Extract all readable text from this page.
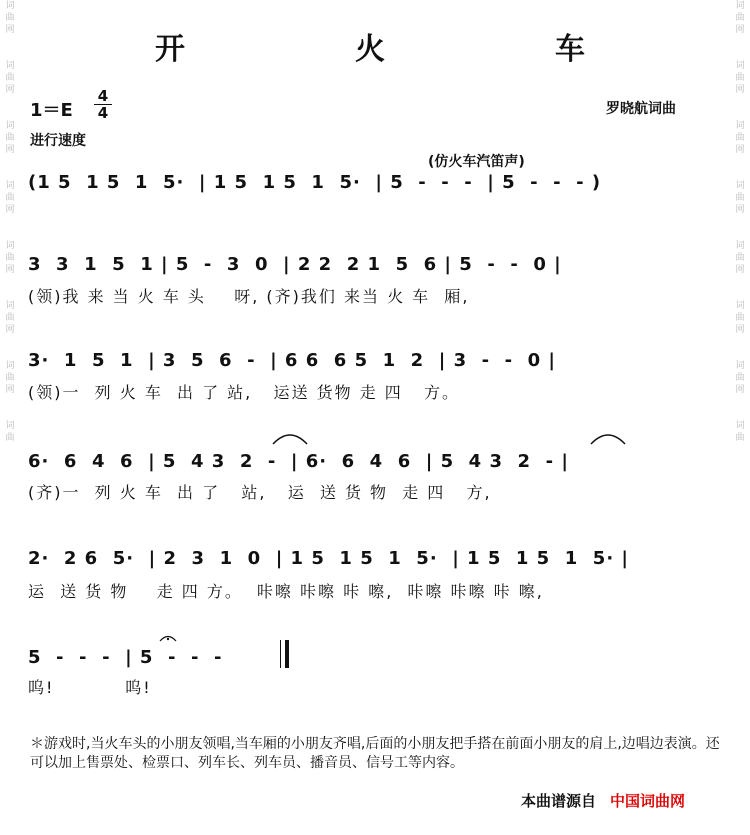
词
曲
网
词
曲
网
词
曲
网
词
曲
网
词
曲
网
词
曲
网
词
曲
网
词
曲
词
曲
网
词
曲
网
词
曲
网
词
曲
网
词
曲
网
词
曲
网
词
曲
网
词
曲
开　火　车
1＝E
4
4
进行速度
罗晓航词曲
(仿火车汽笛声)
(1 5  1 5  1  5·  | 1 5  1 5  1  5·  | 5  -  -  -  | 5  -  -  - )
3  3  1  5  1 | 5  -  3  0  | 2 2  2 1  5  6 | 5  -  -  0 |
(领)我 来 当 火 车 头    呀, (齐)我们 来当 火 车  厢,
3·  1  5  1  | 3  5  6  -  | 6 6  6 5  1  2  | 3  -  -  0 |
(领)一  列 火 车  出 了 站,   运送 货物 走 四   方。
6·  6  4  6  | 5  4 3  2  -  | 6·  6  4  6  | 5  4 3  2  - |
(齐)一  列 火 车  出 了   站,   运  送 货 物  走 四   方,
2·  2 6  5·  | 2  3  1  0  | 1 5  1 5  1  5·  | 1 5  1 5  1  5· |
运  送 货 物    走 四 方。  咔嚓 咔嚓 咔 嚓,  咔嚓 咔嚓 咔 嚓,
5  -  -  -  | 5  -  -  -
呜!          呜!
＊游戏时,当火车头的小朋友领唱,当车厢的小朋友齐唱,后面的小朋友把手搭在前面小朋友的肩上,边唱边表演。还可以加上售票处、检票口、列车长、列车员、播音员、信号工等内容。
本曲谱源自 中国词曲网
